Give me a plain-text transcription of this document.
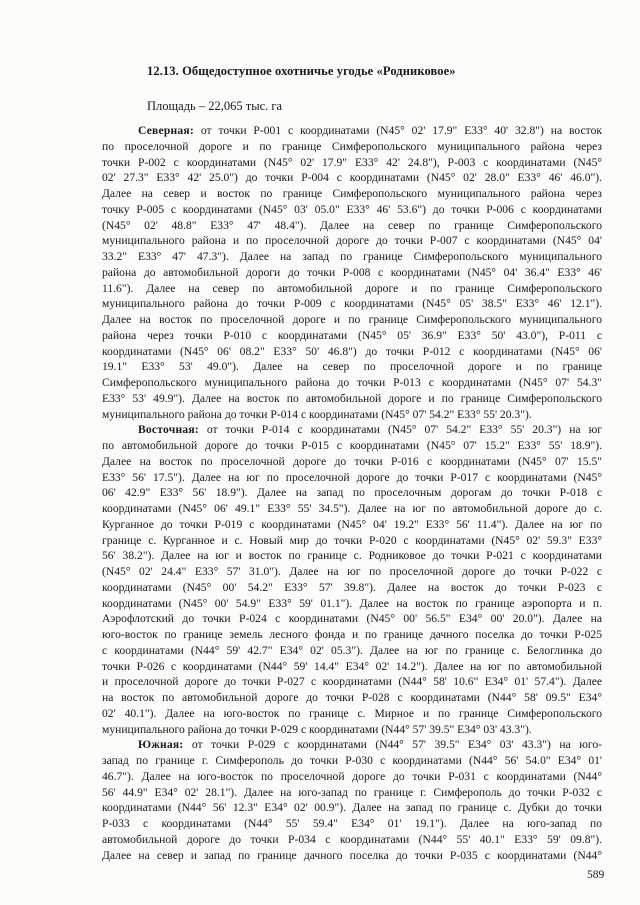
12.13. Общедоступное охотничье угодье «Родниковое»
Площадь – 22,065 тыс. га
Северная: от точки Р-001 с координатами (N45° 02' 17.9" E33° 40' 32.8") на восток
по проселочной дороге и по границе Симферопольского муниципального района через
точки Р-002 с координатами (N45° 02' 17.9" E33° 42' 24.8"), Р-003 с координатами (N45°
02' 27.3" E33° 42' 25.0") до точки Р-004 с координатами (N45° 02' 28.0" E33° 46' 46.0").
Далее на север и восток по границе Симферопольского муниципального района через
точку Р-005 с координатами (N45° 03' 05.0" E33° 46' 53.6") до точки Р-006 с координатами
(N45° 02' 48.8" E33° 47' 48.4"). Далее на север по границе Симферопольского
муниципального района и по проселочной дороге до точки Р-007 с координатами (N45° 04'
33.2" E33° 47' 47.3"). Далее на запад по границе Симферопольского муниципального
района до автомобильной дороги до точки Р-008 с координатами (N45° 04' 36.4" E33° 46'
11.6"). Далее на север по автомобильной дороге и по границе Симферопольского
муниципального района до точки Р-009 с координатами (N45° 05' 38.5" E33° 46' 12.1").
Далее на восток по проселочной дороге и по границе Симферопольского муниципального
района через точки Р-010 с координатами (N45° 05' 36.9" E33° 50' 43.0"), Р-011 с
координатами (N45° 06' 08.2" E33° 50' 46.8") до точки Р-012 с координатами (N45° 06'
19.1" E33° 53' 49.0"). Далее на север по проселочной дороге и по границе
Симферопольского муниципального района до точки Р-013 с координатами (N45° 07' 54.3"
E33° 53' 49.9"). Далее на восток по автомобильной дороге и по границе Симферопольского
муниципального района до точки Р-014 с координатами (N45° 07' 54.2" E33° 55' 20.3").
Восточная: от точки Р-014 с координатами (N45° 07' 54.2" E33° 55' 20.3") на юг
по автомобильной дороге до точки Р-015 с координатами (N45° 07' 15.2" E33° 55' 18.9").
Далее на восток по проселочной дороге до точки Р-016 с координатами (N45° 07' 15.5"
E33° 56' 17.5"). Далее на юг по проселочной дороге до точки Р-017 с координатами (N45°
06' 42.9" E33° 56' 18.9"). Далее на запад по проселочным дорогам до точки Р-018 с
координатами (N45° 06' 49.1" E33° 55' 34.5"). Далее на юг по автомобильной дороге до с.
Курганное до точки Р-019 с координатами (N45° 04' 19.2" E33° 56' 11.4"). Далее на юг по
границе с. Курганное и с. Новый мир до точки Р-020 с координатами (N45° 02' 59.3" E33°
56' 38.2"). Далее на юг и восток по границе с. Родниковое до точки Р-021 с координатами
(N45° 02' 24.4" E33° 57' 31.0"). Далее на юг по проселочной дороге до точки Р-022 с
координатами (N45° 00' 54.2" E33° 57' 39.8"). Далее на восток до точки Р-023 с
координатами (N45° 00' 54.9" E33° 59' 01.1"). Далее на восток по границе аэропорта и п.
Аэрофлотский до точки Р-024 с координатами (N45° 00' 56.5" E34° 00' 20.0"). Далее на
юго-восток по границе земель лесного фонда и по границе дачного поселка до точки Р-025
с координатами (N44° 59' 42.7" E34° 02' 05.3"). Далее на юг по границе с. Белоглинка до
точки Р-026 с координатами (N44° 59' 14.4" E34° 02' 14.2"). Далее на юг по автомобильной
и проселочной дороге до точки Р-027 с координатами (N44° 58' 10.6" E34° 01' 57.4"). Далее
на восток по автомобильной дороге до точки Р-028 с координатами (N44° 58' 09.5" E34°
02' 40.1"). Далее на юго-восток по границе с. Мирное и по границе Симферопольского
муниципального района до точки Р-029 с координатами (N44° 57' 39.5" E34° 03' 43.3").
Южная: от точки Р-029 с координатами (N44° 57' 39.5" E34° 03' 43.3") на юго-
запад по границе г. Симферополь до точки Р-030 с координатами (N44° 56' 54.0" E34° 01'
46.7"). Далее на юго-восток по проселочной дороге до точки Р-031 с координатами (N44°
56' 44.9" E34° 02' 28.1"). Далее на юго-запад по границе г. Симферополь до точки Р-032 с
координатами (N44° 56' 12.3" E34° 02' 00.9"). Далее на запад по границе с. Дубки до точки
Р-033 с координатами (N44° 55' 59.4" E34° 01' 19.1"). Далее на юго-запад по
автомобильной дороге до точки Р-034 с координатами (N44° 55' 40.1" E33° 59' 09.8").
Далее на север и запад по границе дачного поселка до точки Р-035 с координатами (N44°
589
